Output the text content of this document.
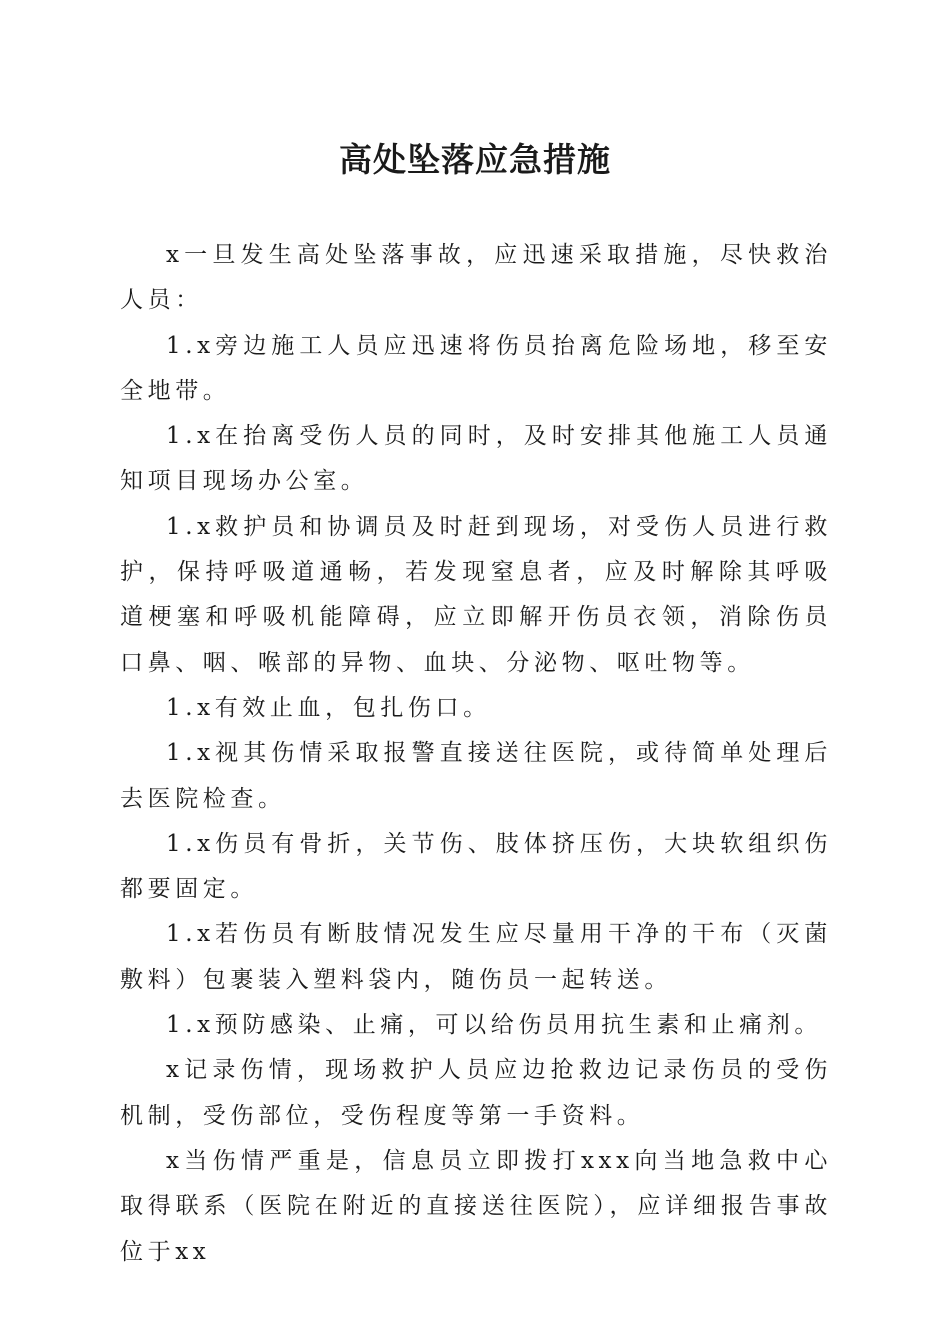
高处坠落应急措施

x一旦发生高处坠落事故，应迅速采取措施，尽快救治人员：

1.x旁边施工人员应迅速将伤员抬离危险场地，移至安全地带。

1.x在抬离受伤人员的同时，及时安排其他施工人员通知项目现场办公室。

1.x救护员和协调员及时赶到现场，对受伤人员进行救护，保持呼吸道通畅，若发现窒息者，应及时解除其呼吸道梗塞和呼吸机能障碍，应立即解开伤员衣领，消除伤员口鼻、咽、喉部的异物、血块、分泌物、呕吐物等。

1.x有效止血，包扎伤口。

1.x视其伤情采取报警直接送往医院，或待简单处理后去医院检查。

1.x伤员有骨折，关节伤、肢体挤压伤，大块软组织伤都要固定。

1.x若伤员有断肢情况发生应尽量用干净的干布（灭菌敷料）包裹装入塑料袋内，随伤员一起转送。

1.x预防感染、止痛，可以给伤员用抗生素和止痛剂。

x记录伤情，现场救护人员应边抢救边记录伤员的受伤机制，受伤部位，受伤程度等第一手资料。

x当伤情严重是，信息员立即拨打xxx向当地急救中心取得联系（医院在附近的直接送往医院），应详细报告事故位于xx
